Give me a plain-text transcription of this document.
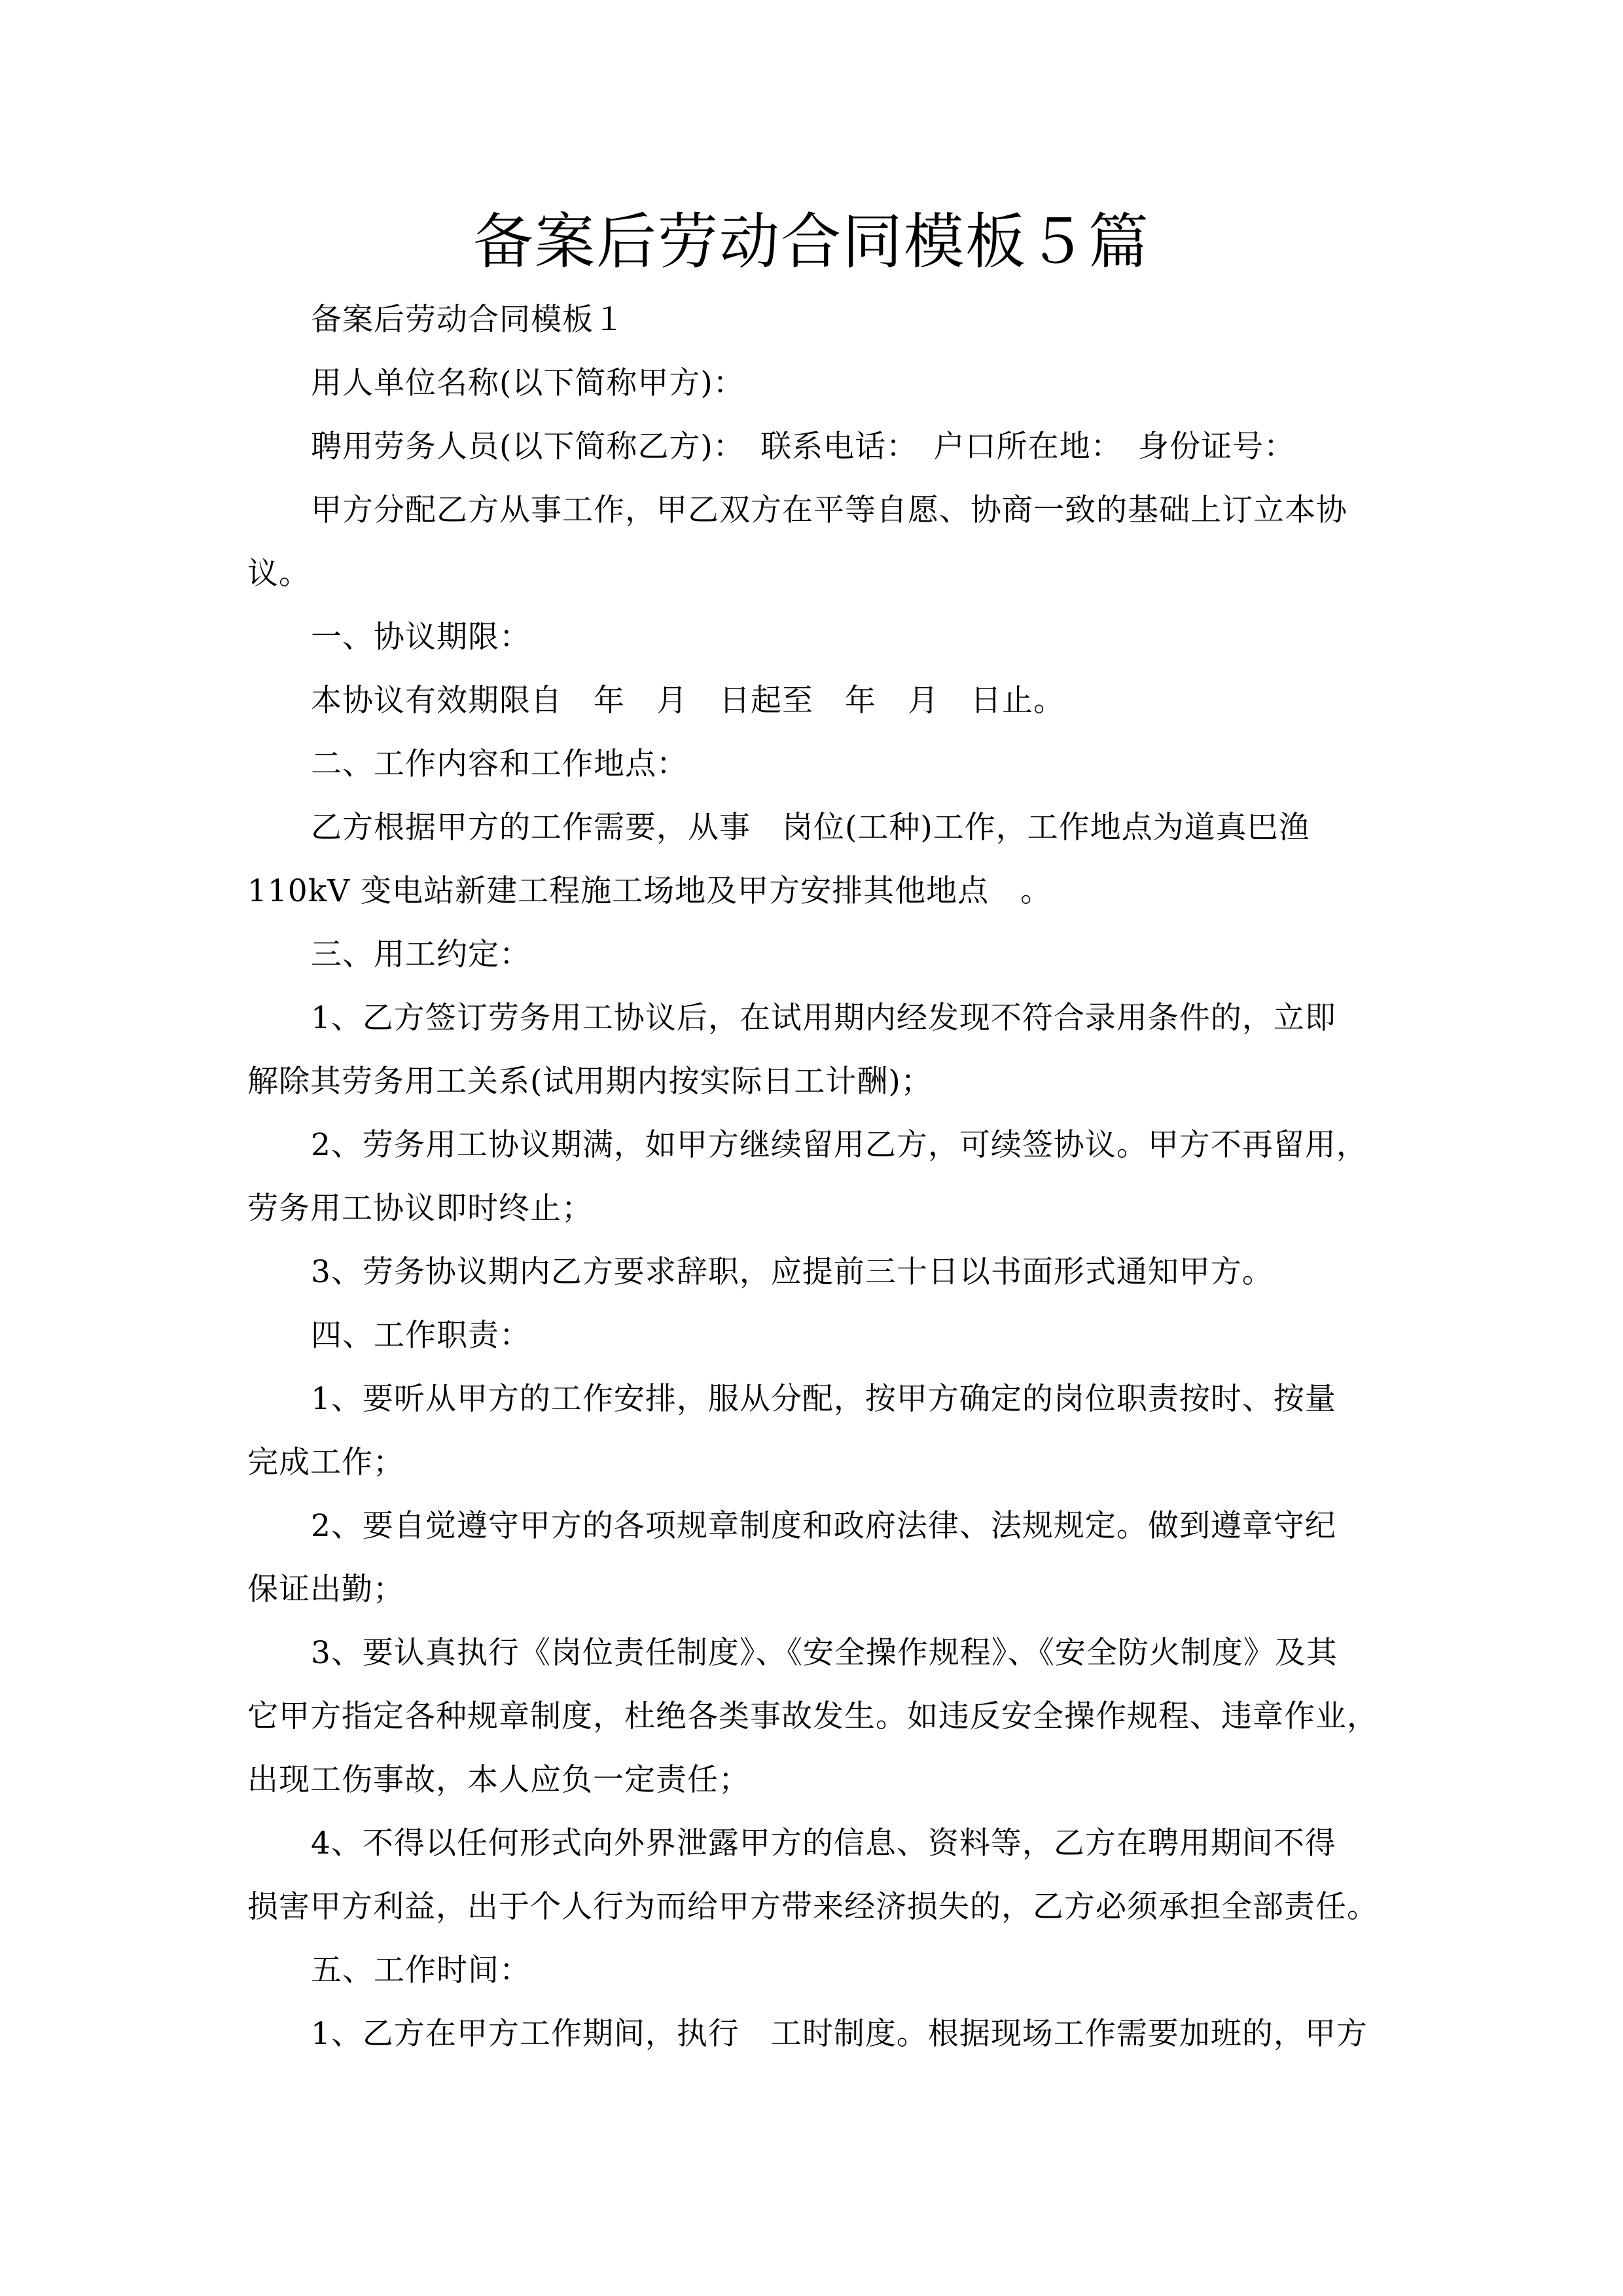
备案后劳动合同模板５篇
备案后劳动合同模板１
用人单位名称(以下简称甲方)：
聘用劳务人员(以下简称乙方)：　联系电话：　户口所在地：　身份证号：
甲方分配乙方从事工作，甲乙双方在平等自愿、协商一致的基础上订立本协
议。
一、协议期限：
本协议有效期限自　年　月　日起至　年　月　日止。
二、工作内容和工作地点：
乙方根据甲方的工作需要，从事　岗位(工种)工作，工作地点为道真巴渔
110kV 变电站新建工程施工场地及甲方安排其他地点　。
三、用工约定：
1、乙方签订劳务用工协议后，在试用期内经发现不符合录用条件的，立即
解除其劳务用工关系(试用期内按实际日工计酬)；
2、劳务用工协议期满，如甲方继续留用乙方，可续签协议。甲方不再留用，
劳务用工协议即时终止；
3、劳务协议期内乙方要求辞职，应提前三十日以书面形式通知甲方。
四、工作职责：
1、要听从甲方的工作安排，服从分配，按甲方确定的岗位职责按时、按量
完成工作；
2、要自觉遵守甲方的各项规章制度和政府法律、法规规定。做到遵章守纪
保证出勤；
3、要认真执行《岗位责任制度》、《安全操作规程》、《安全防火制度》及其
它甲方指定各种规章制度，杜绝各类事故发生。如违反安全操作规程、违章作业，
出现工伤事故，本人应负一定责任；
4、不得以任何形式向外界泄露甲方的信息、资料等，乙方在聘用期间不得
损害甲方利益，出于个人行为而给甲方带来经济损失的，乙方必须承担全部责任。
五、工作时间：
1、乙方在甲方工作期间，执行　工时制度。根据现场工作需要加班的，甲方
